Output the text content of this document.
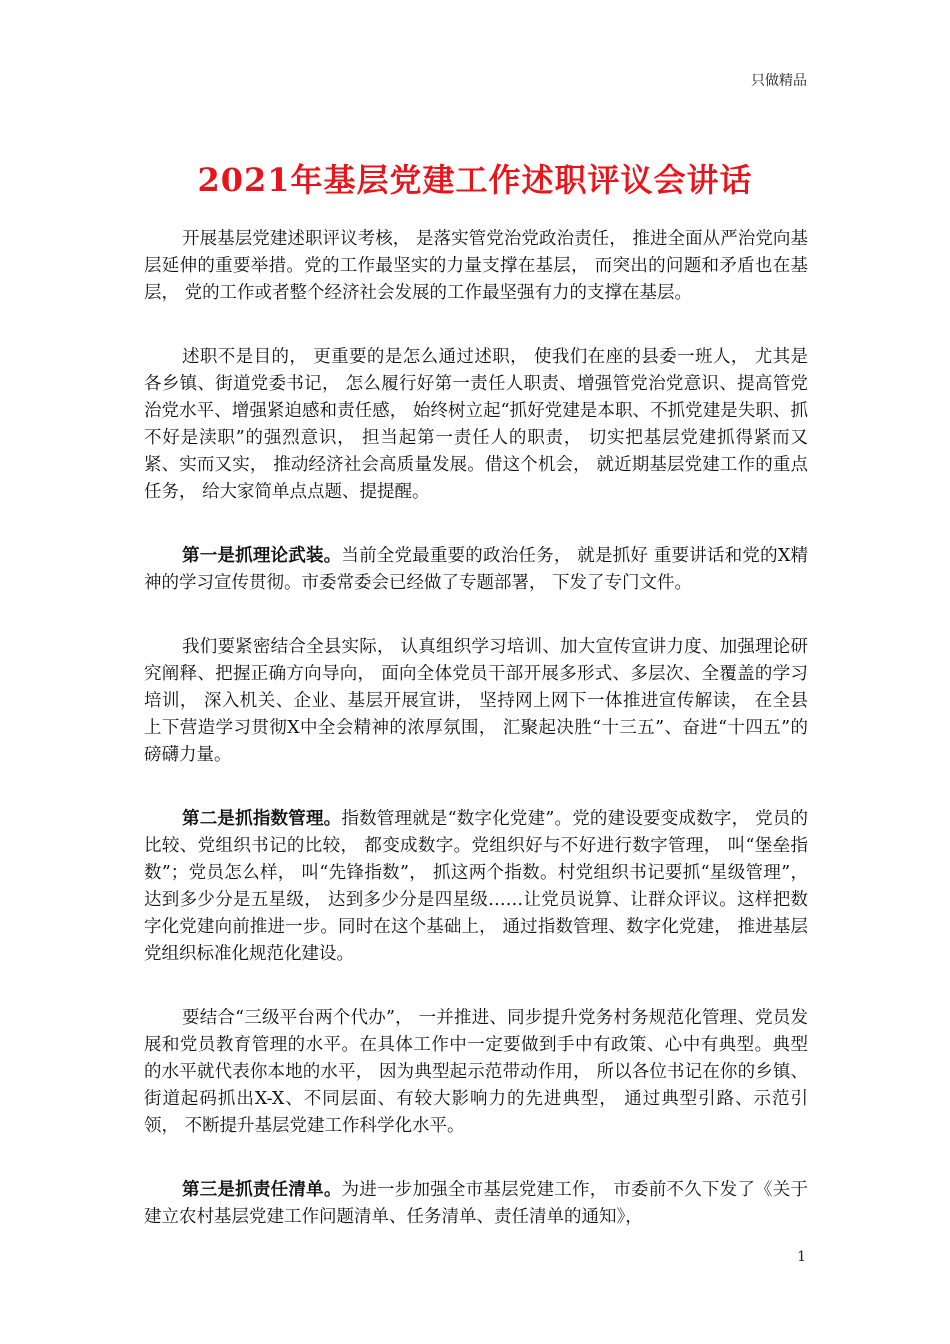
只做精品
2021年基层党建工作述职评议会讲话

开展基层党建述职评议考核， 是落实管党治党政治责任， 推进全面从严治党向基层延伸的重要举措。党的工作最坚实的力量支撑在基层， 而突出的问题和矛盾也在基层， 党的工作或者整个经济社会发展的工作最坚强有力的支撑在基层。

述职不是目的， 更重要的是怎么通过述职， 使我们在座的县委一班人， 尤其是各乡镇、街道党委书记， 怎么履行好第一责任人职责、增强管党治党意识、提高管党治党水平、增强紧迫感和责任感， 始终树立起“抓好党建是本职、不抓党建是失职、抓不好是渎职”的强烈意识， 担当起第一责任人的职责， 切实把基层党建抓得紧而又紧、实而又实， 推动经济社会高质量发展。借这个机会， 就近期基层党建工作的重点任务， 给大家简单点点题、提提醒。

第一是抓理论武装。当前全党最重要的政治任务， 就是抓好 重要讲话和党的X精神的学习宣传贯彻。市委常委会已经做了专题部署， 下发了专门文件。

我们要紧密结合全县实际， 认真组织学习培训、加大宣传宣讲力度、加强理论研究阐释、把握正确方向导向， 面向全体党员干部开展多形式、多层次、全覆盖的学习培训， 深入机关、企业、基层开展宣讲， 坚持网上网下一体推进宣传解读， 在全县上下营造学习贯彻X中全会精神的浓厚氛围， 汇聚起决胜“十三五”、奋进“十四五”的磅礴力量。

第二是抓指数管理。指数管理就是“数字化党建”。党的建设要变成数字， 党员的比较、党组织书记的比较， 都变成数字。党组织好与不好进行数字管理， 叫“堡垒指数”；党员怎么样， 叫“先锋指数”， 抓这两个指数。村党组织书记要抓“星级管理”， 达到多少分是五星级， 达到多少分是四星级……让党员说算、让群众评议。这样把数字化党建向前推进一步。同时在这个基础上， 通过指数管理、数字化党建， 推进基层党组织标准化规范化建设。

要结合“三级平台两个代办”， 一并推进、同步提升党务村务规范化管理、党员发展和党员教育管理的水平。在具体工作中一定要做到手中有政策、心中有典型。典型的水平就代表你本地的水平， 因为典型起示范带动作用， 所以各位书记在你的乡镇、街道起码抓出X-X、不同层面、有较大影响力的先进典型， 通过典型引路、示范引领， 不断提升基层党建工作科学化水平。

第三是抓责任清单。为进一步加强全市基层党建工作， 市委前不久下发了《关于建立农村基层党建工作问题清单、任务清单、责任清单的通知》，

1
